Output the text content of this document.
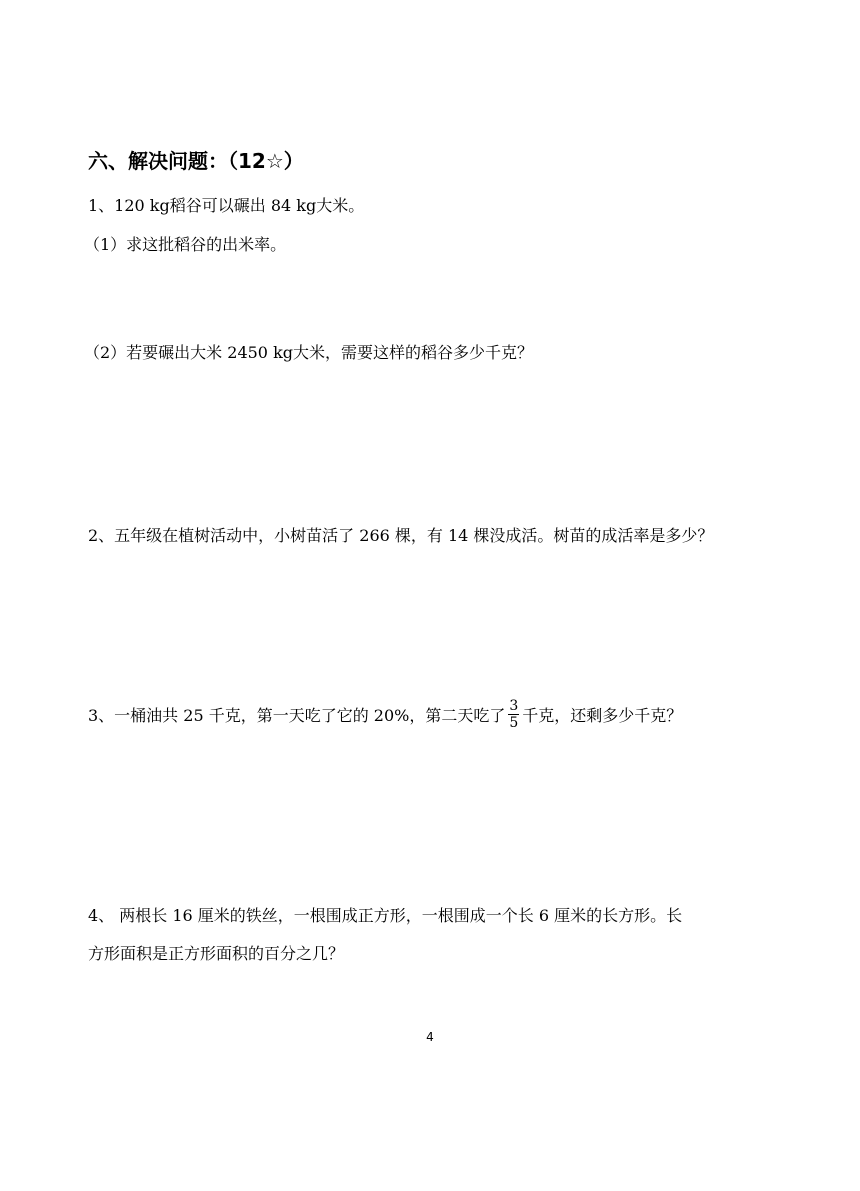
六、解决问题：（12☆）
1、120 kg稻谷可以碾出 84 kg大米。
（1）求这批稻谷的出米率。
（2）若要碾出大米 2450 kg大米，需要这样的稻谷多少千克？
2、五年级在植树活动中，小树苗活了 266 棵，有 14 棵没成活。树苗的成活率是多少？
3、一桶油共 25 千克，第一天吃了它的 20%，第二天吃了 $\frac{3}{5}$ 千克，还剩多少千克？
4、 两根长 16 厘米的铁丝，一根围成正方形，一根围成一个长 6 厘米的长方形。长
方形面积是正方形面积的百分之几？
4
